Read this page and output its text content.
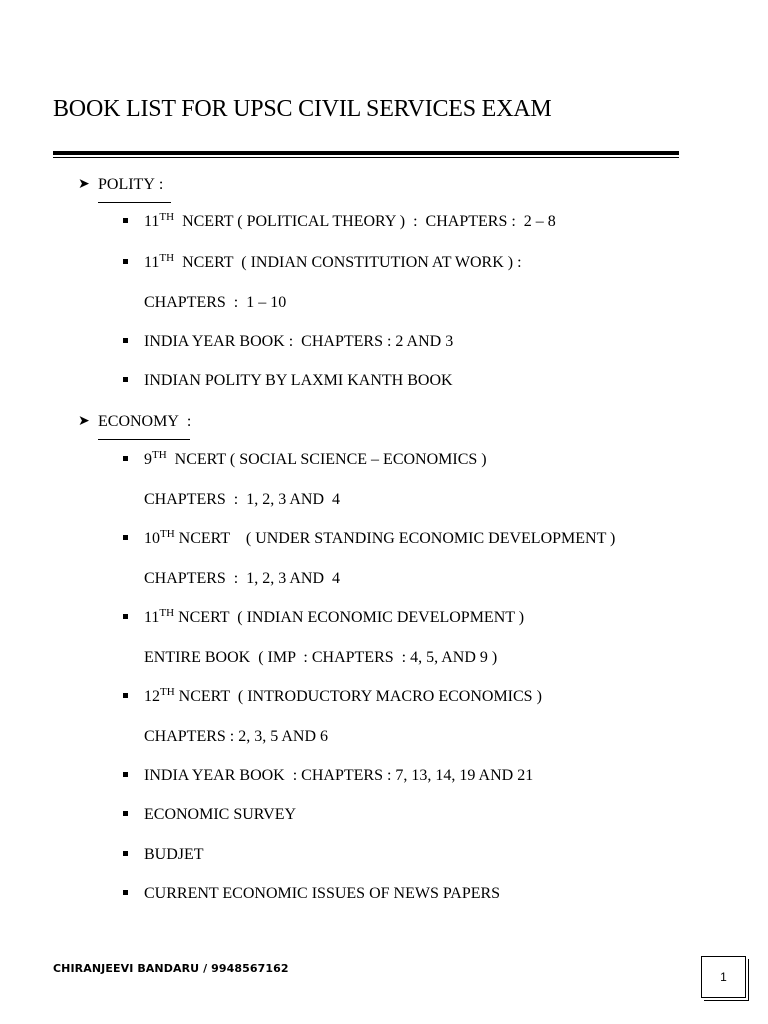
BOOK LIST FOR UPSC CIVIL SERVICES EXAM
➤ POLITY :
11TH  NCERT ( POLITICAL THEORY )  :  CHAPTERS :  2 – 8
11TH  NCERT  ( INDIAN CONSTITUTION AT WORK ) :
CHAPTERS  :  1 – 10
INDIA YEAR BOOK :  CHAPTERS : 2 AND 3
INDIAN POLITY BY LAXMI KANTH BOOK
➤ ECONOMY  :
9TH  NCERT ( SOCIAL SCIENCE – ECONOMICS )
CHAPTERS  :  1, 2, 3 AND  4
10TH NCERT    ( UNDER STANDING ECONOMIC DEVELOPMENT )
CHAPTERS  :  1, 2, 3 AND  4
11TH NCERT  ( INDIAN ECONOMIC DEVELOPMENT )
ENTIRE BOOK  ( IMP  : CHAPTERS  : 4, 5, AND 9 )
12TH NCERT  ( INTRODUCTORY MACRO ECONOMICS )
CHAPTERS : 2, 3, 5 AND 6
INDIA YEAR BOOK  : CHAPTERS : 7, 13, 14, 19 AND 21
ECONOMIC SURVEY
BUDJET
CURRENT ECONOMIC ISSUES OF NEWS PAPERS
CHIRANJEEVI BANDARU / 9948567162
1
